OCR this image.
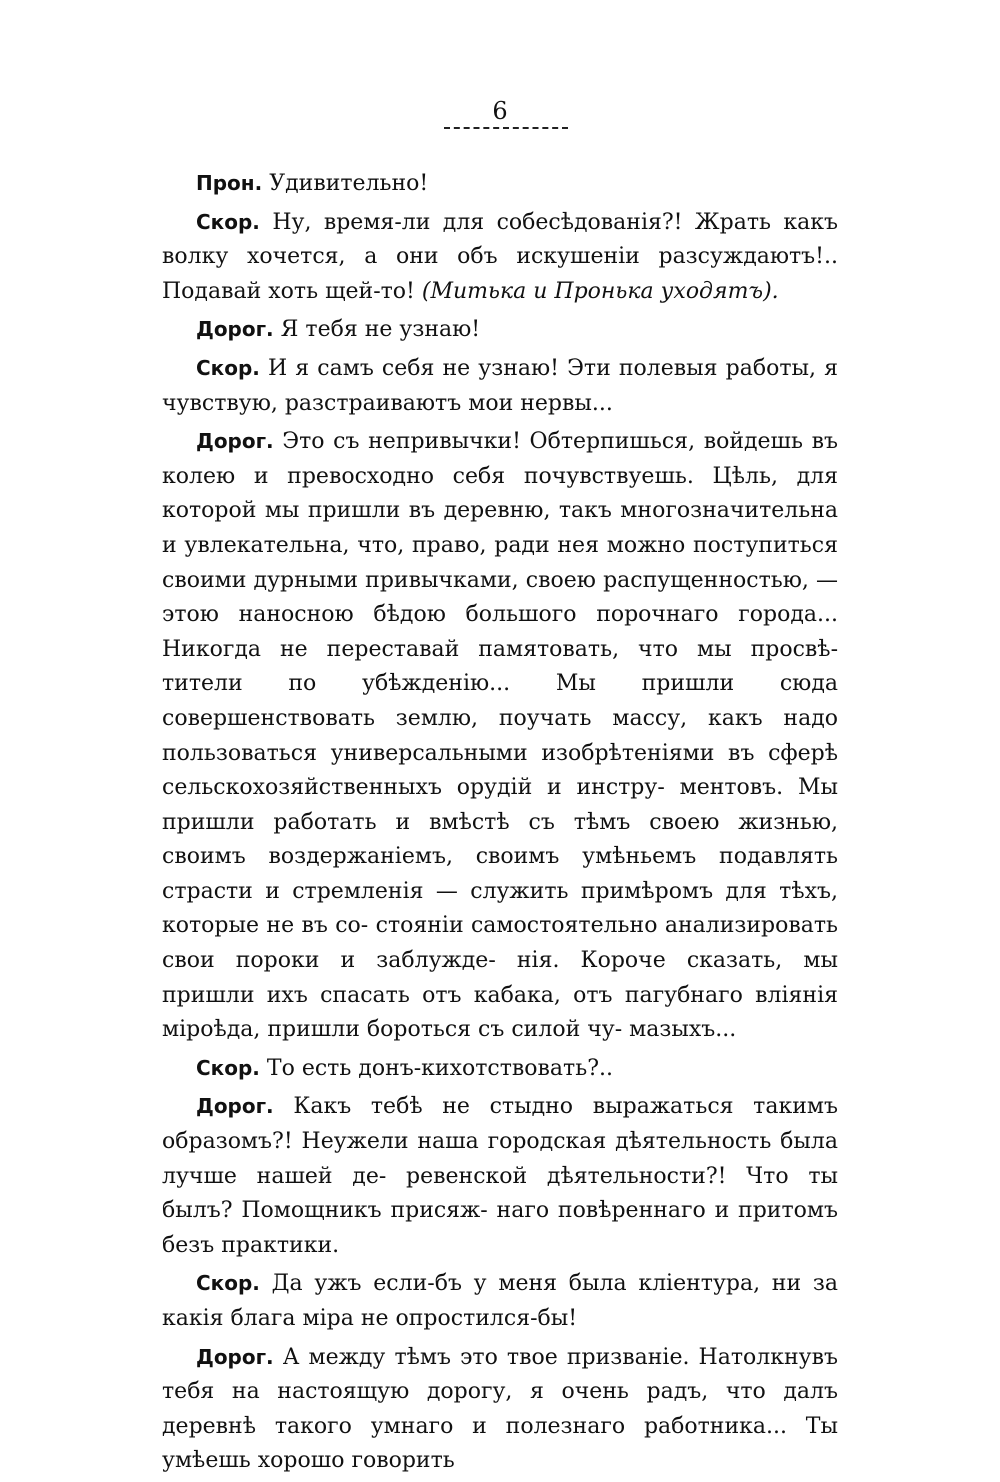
6

Прон. Удивительно!

Скор. Ну, время-ли для собесѣдованія?! Жрать какъ волку хочется, а они объ искушеніи разсуждаютъ!.. Подавай хоть щей-то! (Митька и Пронька уходятъ).

Дорог. Я тебя не узнаю!

Скор. И я самъ себя не узнаю! Эти полевыя работы, я чувствую, разстраиваютъ мои нервы...

Дорог. Это съ непривычки! Обтерпишься, войдешь въ колею и превосходно себя почувствуешь. Цѣль, для которой мы пришли въ деревню, такъ многозначительна и увлекательна, что, право, ради нея можно поступиться своими дурными привычками, своею распущенностью, — этою наносною бѣдою большого порочнаго города... Никогда не переставай памятовать, что мы просвѣ- тители по убѣжденію... Мы пришли сюда совершенствовать землю, поучать массу, какъ надо пользоваться универсальными изобрѣтеніями въ сферѣ сельскохозяйственныхъ орудій и инстру- ментовъ. Мы пришли работать и вмѣстѣ съ тѣмъ своею жизнью, своимъ воздержаніемъ, своимъ умѣньемъ подавлять страсти и стремленія — служить примѣромъ для тѣхъ, которые не въ со- стояніи самостоятельно анализировать свои пороки и заблужде- нія. Короче сказать, мы пришли ихъ спасать отъ кабака, отъ пагубнаго вліянія міроѣда, пришли бороться съ силой чу- мазыхъ...

Скор. То есть донъ-кихотствовать?..

Дорог. Какъ тебѣ не стыдно выражаться такимъ образомъ?! Неужели наша городская дѣятельность была лучше нашей де- ревенской дѣятельности?! Что ты былъ? Помощникъ присяж- наго повѣреннаго и притомъ безъ практики.

Скор. Да ужъ если-бъ у меня была кліентура, ни за какія блага міра не опростился-бы!

Дорог. А между тѣмъ это твое призваніе. Натолкнувъ тебя на настоящую дорогу, я очень радъ, что далъ деревнѣ такого умнаго и полезнаго работника... Ты умѣешь хорошо говорить
